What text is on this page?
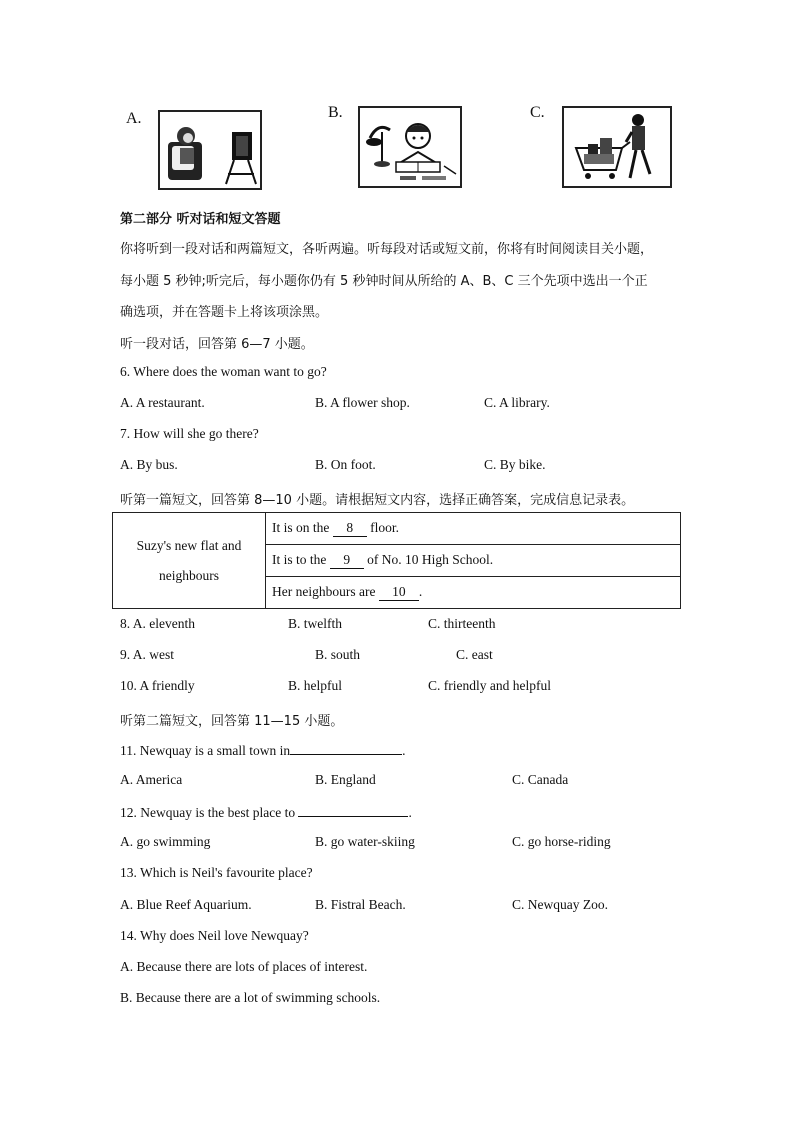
A.	B.	C.
第二部分 听对话和短文答题
你将听到一段对话和两篇短文，各听两遍。听每段对话或短文前，你将有时间阅读目关小题，
每小题 5 秒钟;听完后，每小题你仍有 5 秒钟时间从所给的 A、B、C 三个先项中选出一个正
确选项，并在答题卡上将该项涂黑。
听一段对话，回答第 6—7 小题。
6. Where does the woman want to go?
A. A restaurant.	B. A flower shop.	C. A library.
7. How will she go there?
A. By bus.	B. On foot.	C. By bike.
听第一篇短文，回答第 8—10 小题。请根据短文内容，选择正确答案，完成信息记录表。
Suzy's new flat and
neighbours
	It is on the 8 floor.
It is to the 9 of No. 10 High School.
Her neighbours are 10 .
8. A. eleventh	B. twelfth	C. thirteenth
9. A. west	B. south	C. east
10. A friendly	B. helpful	C. friendly and helpful
听第二篇短文，回答第 11—15 小题。
11. Newquay is a small town in	.
A. America	B. England	C. Canada
12. Newquay is the best place to	.
A. go swimming	B. go water-skiing	C. go horse-riding
13. Which is Neil's favourite place?
A. Blue Reef Aquarium.	B. Fistral Beach.	C. Newquay Zoo.
14. Why does Neil love Newquay?
A. Because there are lots of places of interest.
B. Because there are a lot of swimming schools.
